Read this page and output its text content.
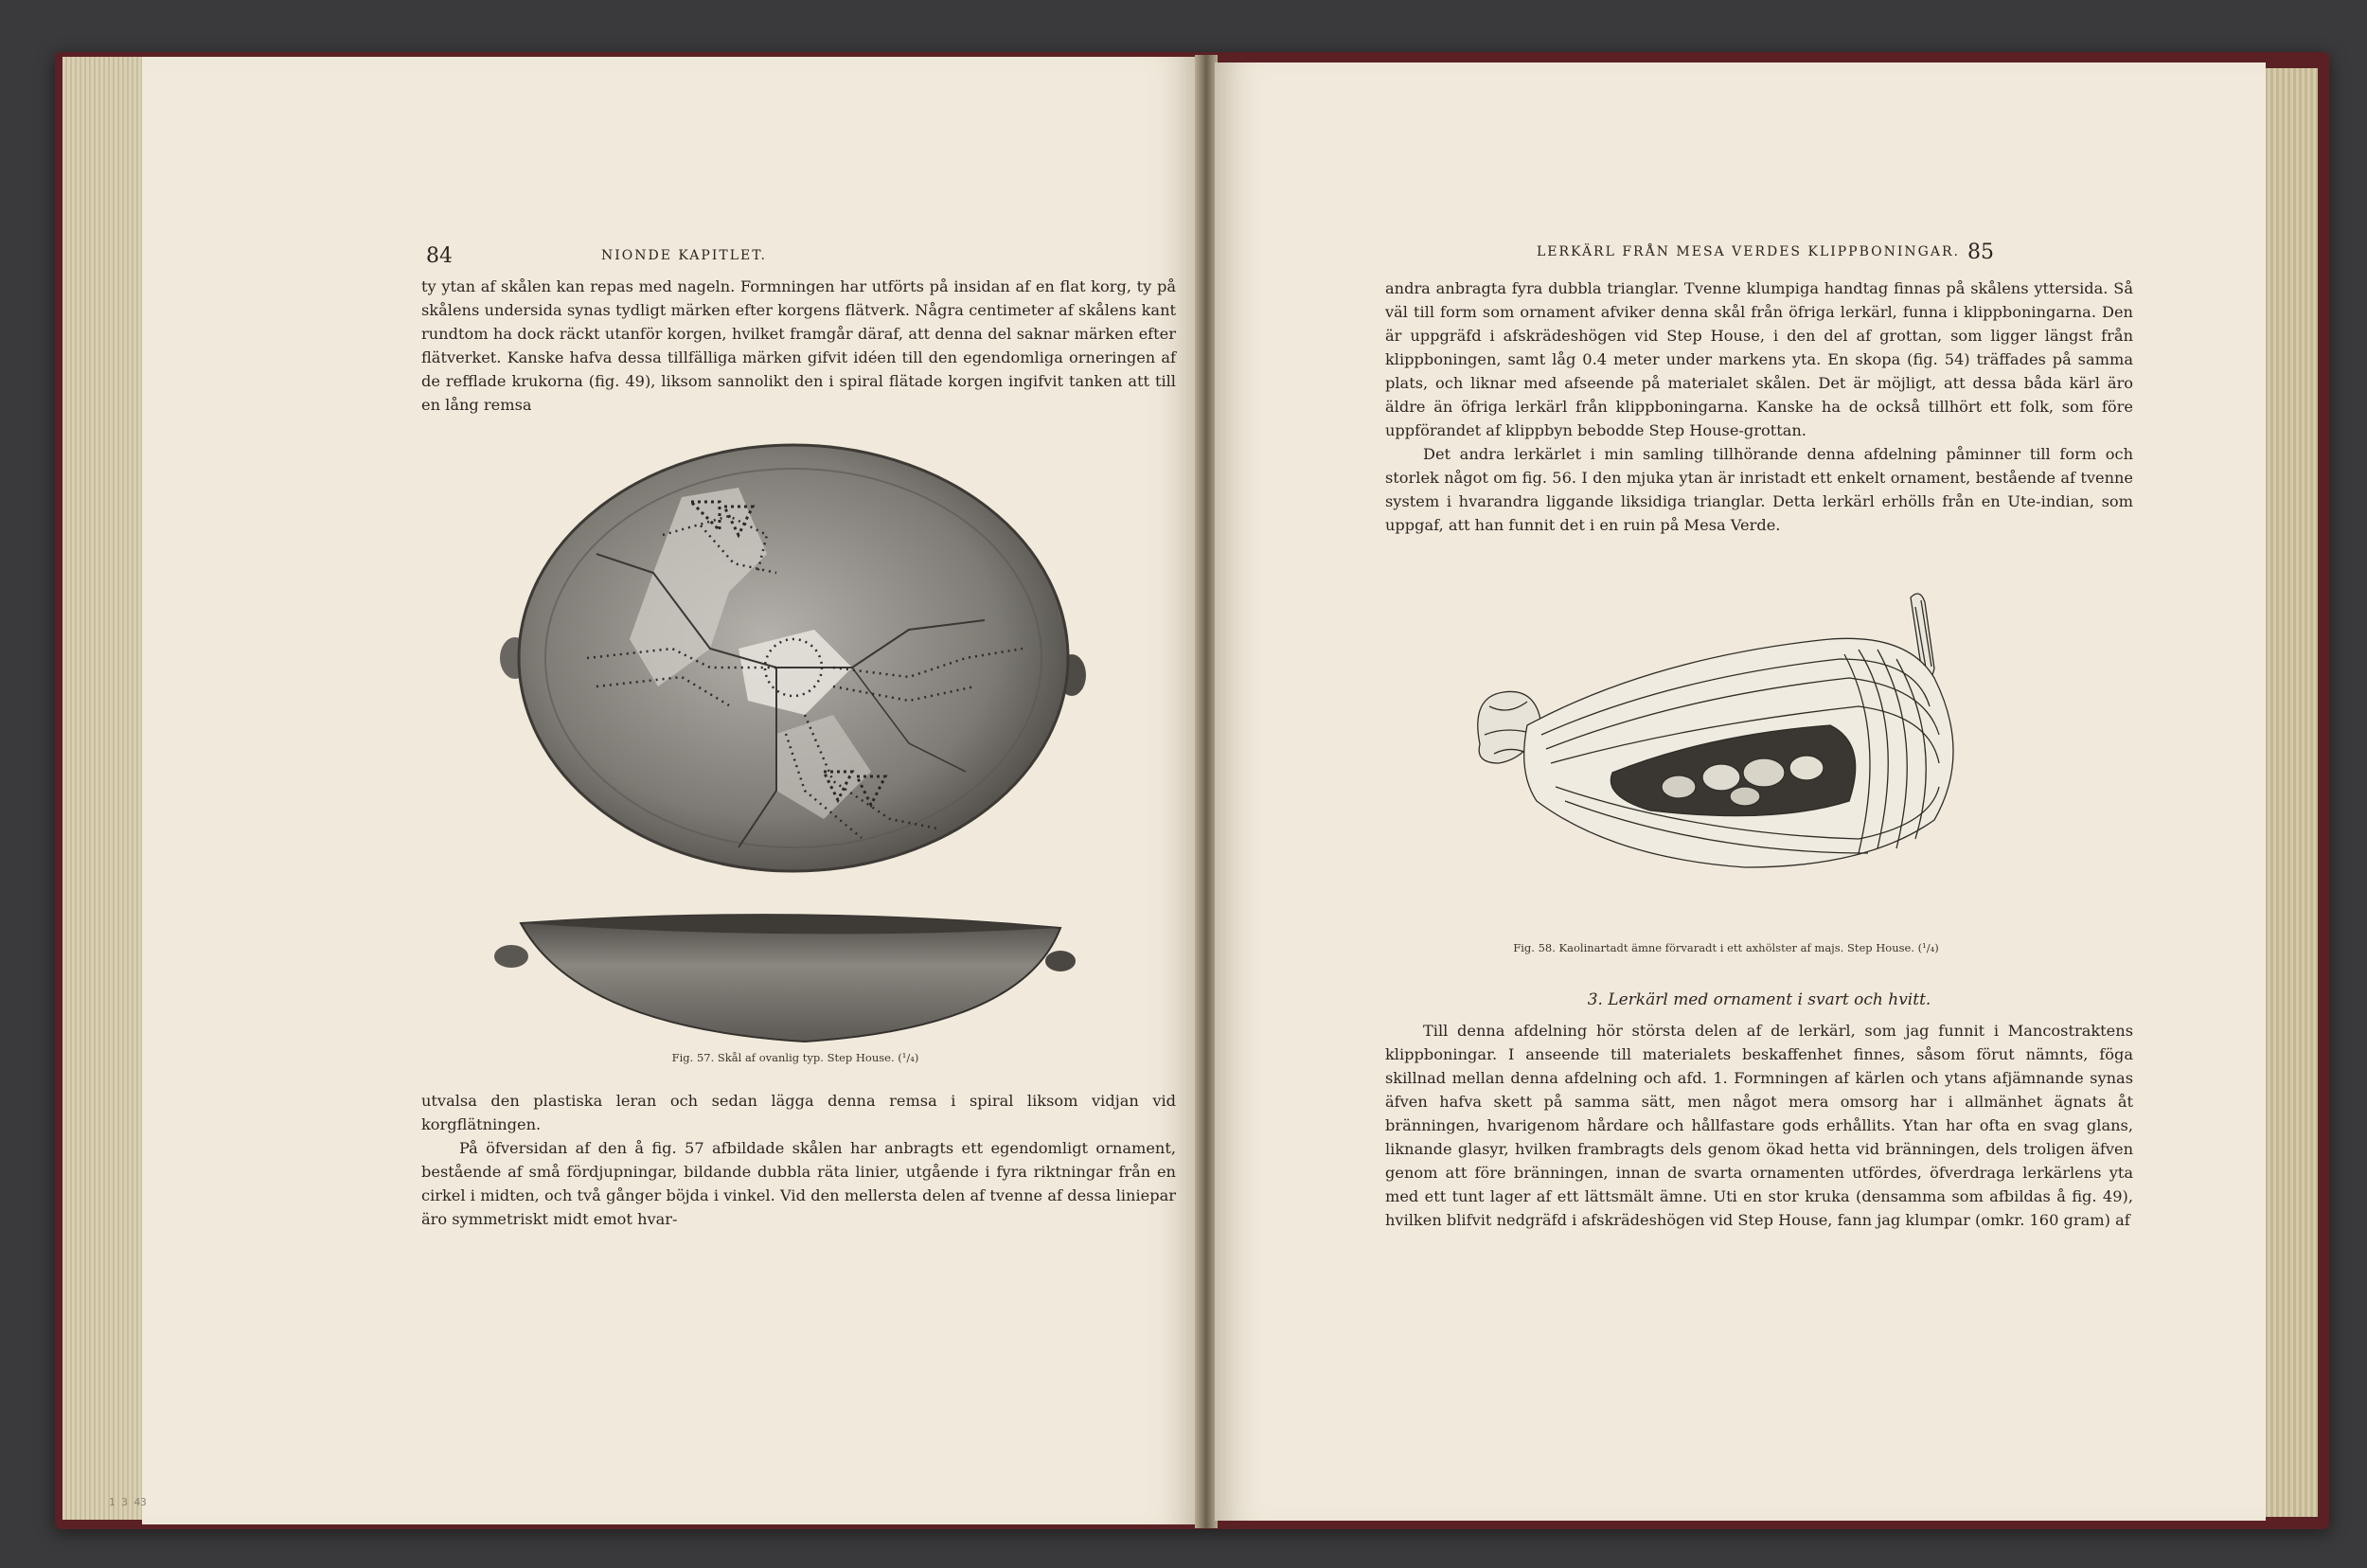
84	NIONDE KAPITLET.

ty ytan af skålen kan repas med nageln. Formningen har utförts på insidan af en flat korg, ty på skålens undersida synas tydligt märken efter korgens flätverk. Några centimeter af skålens kant rundtom ha dock räckt utanför korgen, hvilket framgår däraf, att denna del saknar märken efter flätverket. Kanske hafva dessa tillfälliga märken gifvit idéen till den egendomliga orneringen af de refflade krukorna (fig. 49), liksom sannolikt den i spiral flätade korgen ingifvit tanken att till en lång remsa

Fig. 57. Skål af ovanlig typ. Step House. (¹/₄)

utvalsa den plastiska leran och sedan lägga denna remsa i spiral liksom vidjan vid korgflätningen.

På öfversidan af den å fig. 57 afbildade skålen har anbragts ett egendomligt ornament, bestående af små fördjupningar, bildande dubbla räta linier, utgående i fyra riktningar från en cirkel i midten, och två gånger böjda i vinkel. Vid den mellersta delen af tvenne af dessa liniepar äro symmetriskt midt emot hvar-

LERKÄRL FRÅN MESA VERDES KLIPPBONINGAR. 85

andra anbragta fyra dubbla trianglar. Tvenne klumpiga handtag finnas på skålens yttersida. Så väl till form som ornament afviker denna skål från öfriga lerkärl, funna i klippboningarna. Den är uppgräfd i afskrädeshögen vid Step House, i den del af grottan, som ligger längst från klippboningen, samt låg 0.4 meter under markens yta. En skopa (fig. 54) träffades på samma plats, och liknar med afseende på materialet skålen. Det är möjligt, att dessa båda kärl äro äldre än öfriga lerkärl från klippboningarna. Kanske ha de också tillhört ett folk, som före uppförandet af klippbyn bebodde Step House-grottan.

Det andra lerkärlet i min samling tillhörande denna afdelning påminner till form och storlek något om fig. 56. I den mjuka ytan är inristadt ett enkelt ornament, bestående af tvenne system i hvarandra liggande liksidiga trianglar. Detta lerkärl erhölls från en Ute-indian, som uppgaf, att han funnit det i en ruin på Mesa Verde.

Fig. 58. Kaolinartadt ämne förvaradt i ett axhölster af majs. Step House. (¹/₄)
3. Lerkärl med ornament i svart och hvitt.

Till denna afdelning hör största delen af de lerkärl, som jag funnit i Mancostraktens klippboningar. I anseende till materialets beskaffenhet finnes, såsom förut nämnts, föga skillnad mellan denna afdelning och afd. 1. Formningen af kärlen och ytans afjämnande synas äfven hafva skett på samma sätt, men något mera omsorg har i allmänhet ägnats åt bränningen, hvarigenom hårdare och hållfastare gods erhållits. Ytan har ofta en svag glans, liknande glasyr, hvilken frambragts dels genom ökad hetta vid bränningen, dels troligen äfven genom att före bränningen, innan de svarta ornamenten utfördes, öfverdraga lerkärlens yta med ett tunt lager af ett lättsmält ämne. Uti en stor kruka (densamma som afbildas å fig. 49), hvilken blifvit nedgräfd i afskrädeshögen vid Step House, fann jag klumpar (omkr. 160 gram) af

1 3 43
